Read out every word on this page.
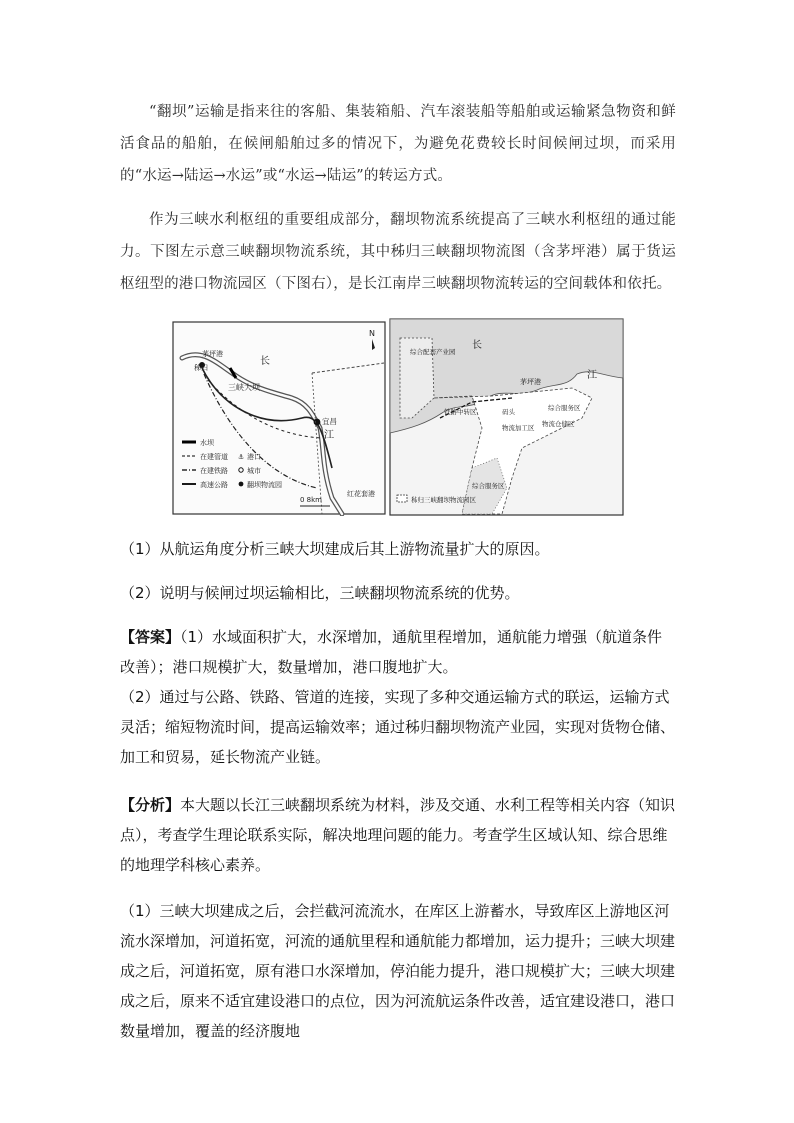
“翻坝”运输是指来往的客船、集装箱船、汽车滚装船等船舶或运输紧急物资和鲜活食品的船舶，在候闸船舶过多的情况下，为避免花费较长时间候闸过坝，而采用的“水运→陆运→水运”或“水运→陆运”的转运方式。

作为三峡水利枢纽的重要组成部分，翻坝物流系统提高了三峡水利枢纽的通过能力。下图左示意三峡翻坝物流系统，其中秭归三峡翻坝物流图（含茅坪港）属于货运枢纽型的港口物流园区（下图右），是长江南岸三峡翻坝物流转运的空间载体和依托。

茅坪港
秭归
三峡大坝
长
江
宜昌
N
0 8km
红花套港
水坝
在建管道 ⚓ 港口
在建铁路	城市
高速公路	翻坝物流园
长
江
综合配套产业园
铁路中转区
茅坪港
物流加工区
码头	综合服务区
物流仓储区
综合服务区
秭归三峡翻坝物流园区

（1）从航运角度分析三峡大坝建成后其上游物流量扩大的原因。

（2）说明与候闸过坝运输相比，三峡翻坝物流系统的优势。

【答案】（1）水域面积扩大，水深增加，通航里程增加，通航能力增强（航道条件改善）；港口规模扩大，数量增加，港口腹地扩大。

（2）通过与公路、铁路、管道的连接，实现了多种交通运输方式的联运，运输方式灵活；缩短物流时间，提高运输效率；通过秭归翻坝物流产业园，实现对货物仓储、加工和贸易，延长物流产业链。

【分析】本大题以长江三峡翻坝系统为材料，涉及交通、水利工程等相关内容（知识点），考查学生理论联系实际，解决地理问题的能力。考查学生区域认知、综合思维的地理学科核心素养。

（1）三峡大坝建成之后，会拦截河流流水，在库区上游蓄水，导致库区上游地区河流水深增加，河道拓宽，河流的通航里程和通航能力都增加，运力提升；三峡大坝建成之后，河道拓宽，原有港口水深增加，停泊能力提升，港口规模扩大；三峡大坝建成之后，原来不适宜建设港口的点位，因为河流航运条件改善，适宜建设港口，港口数量增加，覆盖的经济腹地
